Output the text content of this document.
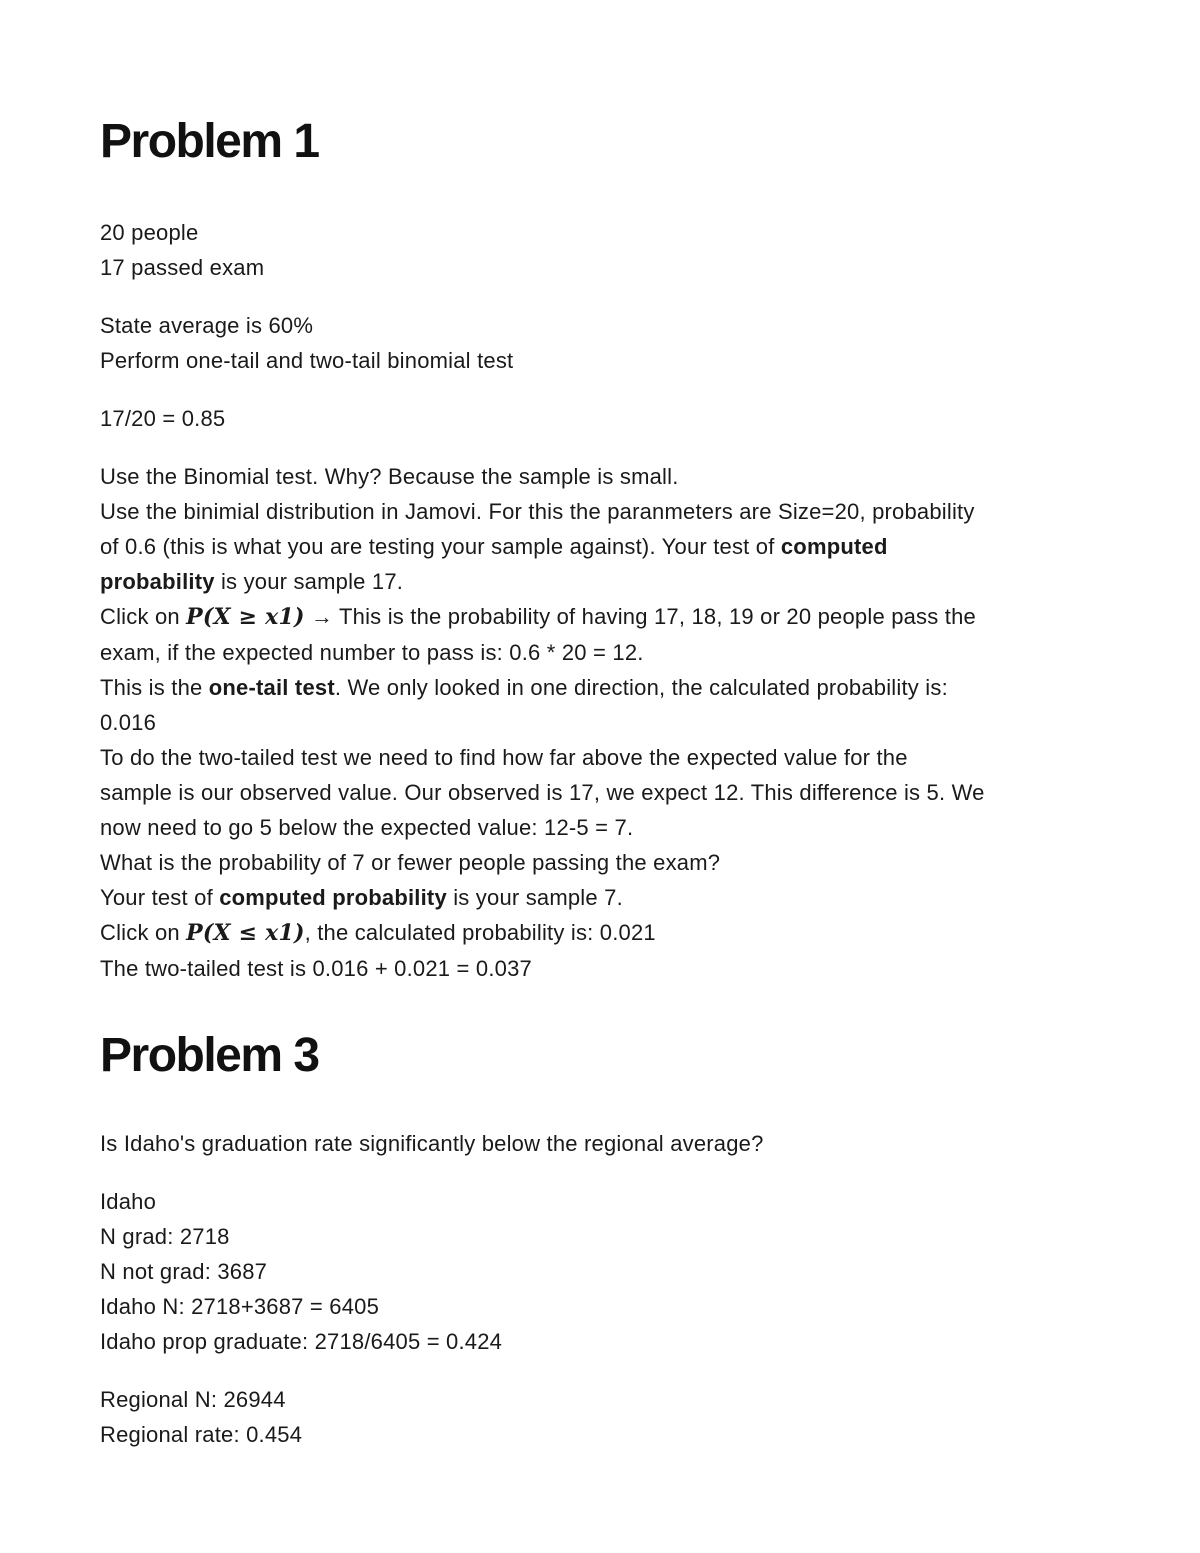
Problem 1
20 people
17 passed exam
State average is 60%
Perform one-tail and two-tail binomial test
17/20 = 0.85
Use the Binomial test. Why? Because the sample is small.
Use the binimial distribution in Jamovi. For this the paranmeters are Size=20, probability
of 0.6 (this is what you are testing your sample against). Your test of computed
probability is your sample 17.
Click on P(X ≥ x1) → This is the probability of having 17, 18, 19 or 20 people pass the
exam, if the expected number to pass is: 0.6 * 20 = 12.
This is the one-tail test. We only looked in one direction, the calculated probability is:
0.016
To do the two-tailed test we need to find how far above the expected value for the
sample is our observed value. Our observed is 17, we expect 12. This difference is 5. We
now need to go 5 below the expected value: 12-5 = 7.
What is the probability of 7 or fewer people passing the exam?
Your test of computed probability is your sample 7.
Click on P(X ≤ x1), the calculated probability is: 0.021
The two-tailed test is 0.016 + 0.021 = 0.037
Problem 3
Is Idaho's graduation rate significantly below the regional average?
Idaho
N grad: 2718
N not grad: 3687
Idaho N: 2718+3687 = 6405
Idaho prop graduate: 2718/6405 = 0.424
Regional N: 26944
Regional rate: 0.454
